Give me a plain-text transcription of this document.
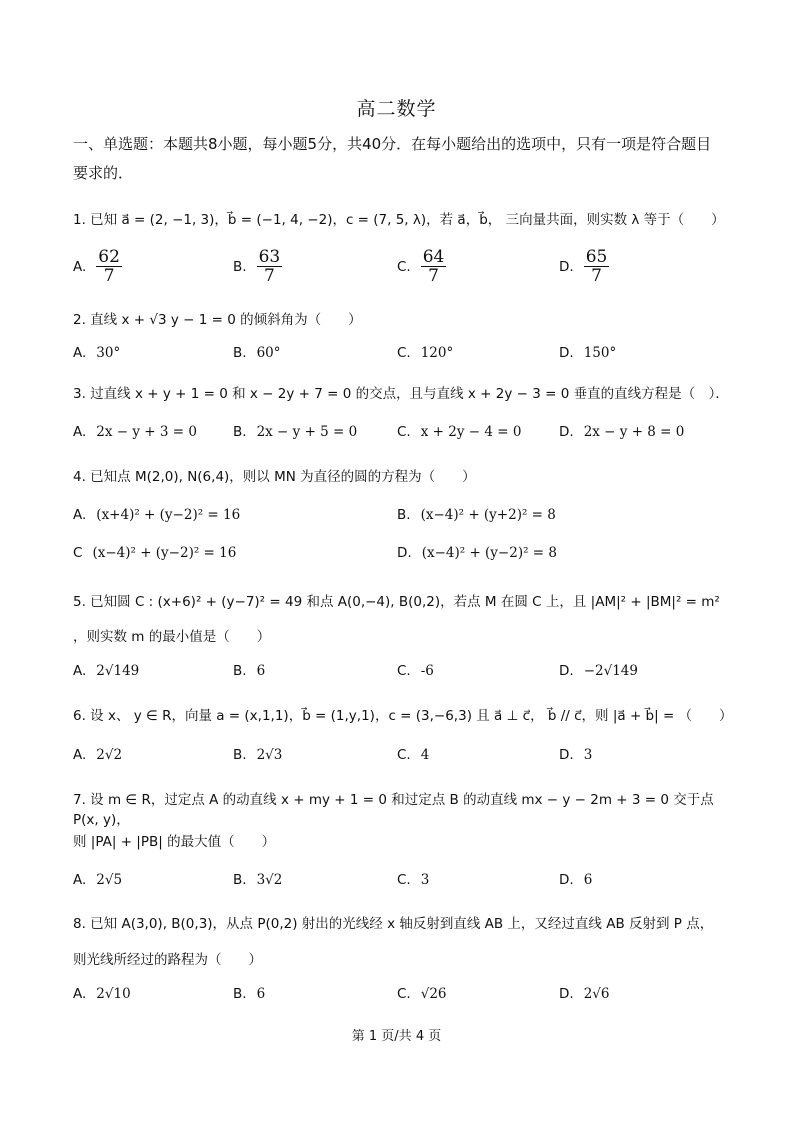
高二数学
一、单选题：本题共8小题，每小题5分，共40分．在每小题给出的选项中，只有一项是符合题目要求的．
1. 已知 a⃗ = (2, −1, 3)，b⃗ = (−1, 4, −2)，c = (7, 5, λ)，若 a⃗，b⃗， 三向量共面，则实数 λ 等于（　　）
A. $\frac{62}{7}$	B. $\frac{63}{7}$	C. $\frac{64}{7}$	D. $\frac{65}{7}$
2. 直线 x + √3 y − 1 = 0 的倾斜角为（　　）
A. 30°	B. 60°	C. 120°	D. 150°
3. 过直线 x + y + 1 = 0 和 x − 2y + 7 = 0 的交点，且与直线 x + 2y − 3 = 0 垂直的直线方程是（　）．
A. 2x − y + 3 = 0	B. 2x − y + 5 = 0	C. x + 2y − 4 = 0	D. 2x − y + 8 = 0
4. 已知点 M(2,0), N(6,4)，则以 MN 为直径的圆的方程为（　　）
A. (x+4)² + (y−2)² = 16	B. (x−4)² + (y+2)² = 8
C (x−4)² + (y−2)² = 16	D. (x−4)² + (y−2)² = 8
5. 已知圆 C : (x+6)² + (y−7)² = 49 和点 A(0,−4), B(0,2)，若点 M 在圆 C 上，且 |AM|² + |BM|² = m²
，则实数 m 的最小值是（　　）
A. 2√149	B. 6	C. -6	D. −2√149
6. 设 x、 y ∈ R，向量 a = (x,1,1)，b⃗ = (1,y,1)，c = (3,−6,3) 且 a⃗ ⊥ c⃗， b⃗ // c⃗，则 |a⃗ + b⃗| = （　　）
A. 2√2	B. 2√3	C. 4	D. 3
7. 设 m ∈ R，过定点 A 的动直线 x + my + 1 = 0 和过定点 B 的动直线 mx − y − 2m + 3 = 0 交于点 P(x, y)，
则 |PA| + |PB| 的最大值（　　）
A. 2√5	B. 3√2	C. 3	D. 6
8. 已知 A(3,0), B(0,3)，从点 P(0,2) 射出的光线经 x 轴反射到直线 AB 上，又经过直线 AB 反射到 P 点，
则光线所经过的路程为（　　）
A. 2√10	B. 6	C. √26	D. 2√6
第 1 页/共 4 页
